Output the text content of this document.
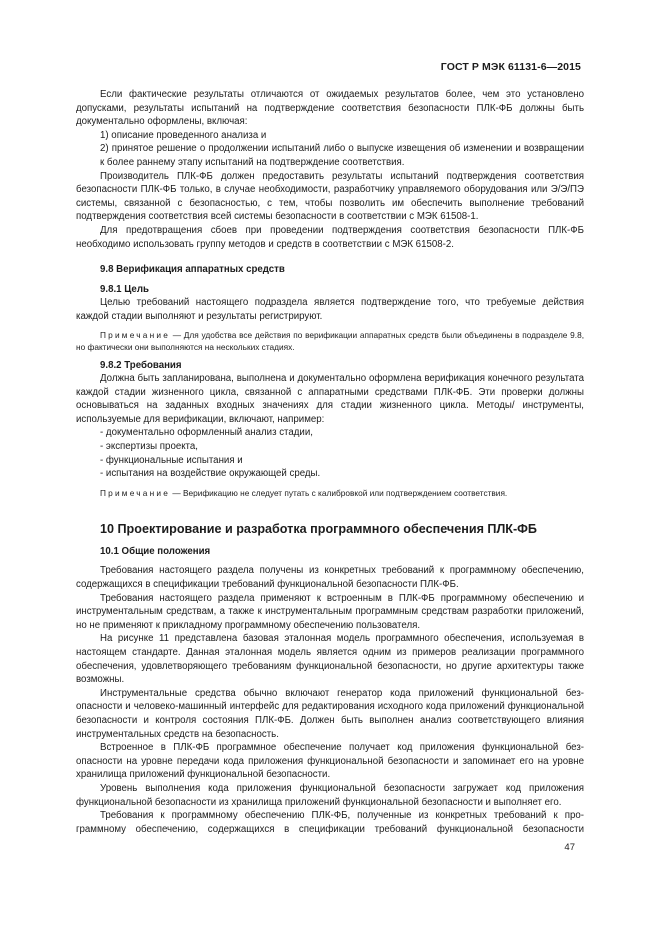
ГОСТ Р МЭК 61131-6—2015

Если фактические результаты отличаются от ожидаемых результатов более, чем это установлено допусками, результаты испытаний на подтверждение соответствия безопасности ПЛК-ФБ должны быть документально оформлены, включая:

1) описание проведенного анализа и

2) принятое решение о продолжении испытаний либо о выпуске извещения об изменении и возвращении к более раннему этапу испытаний на подтверждение соответствия.

Производитель ПЛК-ФБ должен предоставить результаты испытаний подтверждения соответствия безопасности ПЛК-ФБ только, в случае необходимости, разработчику управляемого оборудования или Э/Э/ПЭ системы, связанной с безопасностью, с тем, чтобы позволить им обеспечить выполнение требований подтверждения соответствия всей системы безопасности в соответствии с МЭК 61508-1.

Для предотвращения сбоев при проведении подтверждения соответствия безопасности ПЛК-ФБ необходимо использовать группу методов и средств в соответствии с МЭК 61508-2.

9.8 Верификация аппаратных средств

9.8.1 Цель

Целью требований настоящего подраздела является подтверждение того, что требуемые действия каждой стадии выполняют и результаты регистрируют.

Примечание — Для удобства все действия по верификации аппаратных средств были объединены в подразделе 9.8, но фактически они выполняются на нескольких стадиях.

9.8.2 Требования

Должна быть запланирована, выполнена и документально оформлена верификация конечного результата каждой стадии жизненного цикла, связанной с аппаратными средствами ПЛК-ФБ. Эти проверки должны основываться на заданных входных значениях для стадии жизненного цикла. Методы/ инструменты, используемые для верификации, включают, например:

- документально оформленный анализ стадии,

- экспертизы проекта,

- функциональные испытания и

- испытания на воздействие окружающей среды.

Примечание — Верификацию не следует путать с калибровкой или подтверждением соответствия.

10 Проектирование и разработка программного обеспечения ПЛК-ФБ

10.1 Общие положения

Требования настоящего раздела получены из конкретных требований к программному обеспечению, содержащихся в спецификации требований функциональной безопасности ПЛК-ФБ.

Требования настоящего раздела применяют к встроенным в ПЛК-ФБ программному обеспечению и инструментальным средствам, а также к инструментальным программным средствам разработки приложений, но не применяют к прикладному программному обеспечению пользователя.

На рисунке 11 представлена базовая эталонная модель программного обеспечения, используемая в настоящем стандарте. Данная эталонная модель является одним из примеров реализации программного обеспечения, удовлетворяющего требованиям функциональной безопасности, но другие архитектуры также возможны.

Инструментальные средства обычно включают генератор кода приложений функциональной безопасности и человеко-машинный интерфейс для редактирования исходного кода приложений функциональной безопасности и контроля состояния ПЛК-ФБ. Должен быть выполнен анализ соответствующего влияния инструментальных средств на безопасность.

Встроенное в ПЛК-ФБ программное обеспечение получает код приложения функциональной безопасности на уровне передачи кода приложения функциональной безопасности и запоминает его на уровне хранилища приложений функциональной безопасности.

Уровень выполнения кода приложения функциональной безопасности загружает код приложения функциональной безопасности из хранилища приложений функциональной безопасности и выполняет его.

Требования к программному обеспечению ПЛК-ФБ, полученные из конкретных требований к программному обеспечению, содержащихся в спецификации требований функциональной безопасности

47
